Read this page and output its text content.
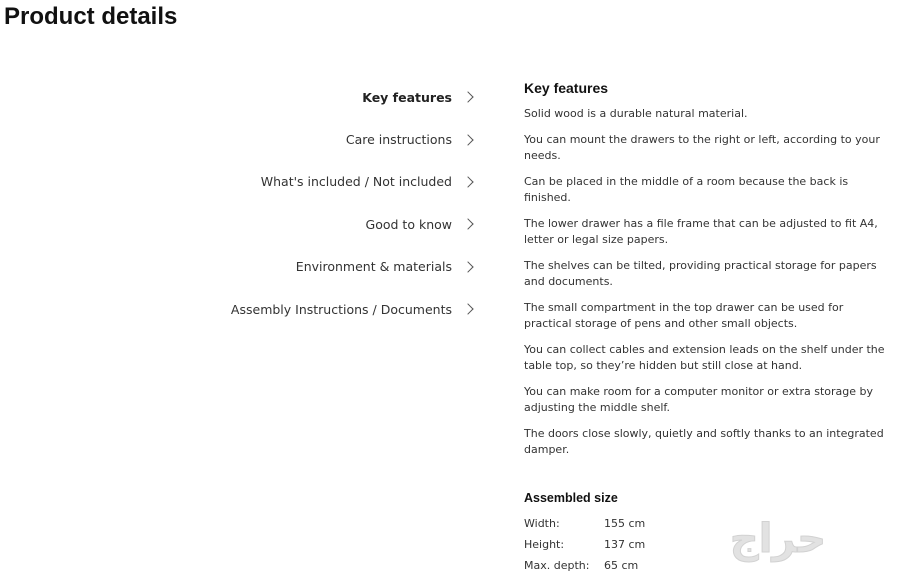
Product details
Key features
Care instructions
What's included / Not included
Good to know
Environment & materials
Assembly Instructions / Documents
Key features

Solid wood is a durable natural material.

You can mount the drawers to the right or left, according to your needs.

Can be placed in the middle of a room because the back is finished.

The lower drawer has a file frame that can be adjusted to fit A4, letter or legal size papers.

The shelves can be tilted, providing practical storage for papers and documents.

The small compartment in the top drawer can be used for practical storage of pens and other small objects.

You can collect cables and extension leads on the shelf under the table top, so they’re hidden but still close at hand.

You can make room for a computer monitor or extra storage by adjusting the middle shelf.

The doors close slowly, quietly and softly thanks to an integrated damper.

Assembled size
Width:	155 cm
Height:	137 cm
Max. depth:	65 cm
حراج
